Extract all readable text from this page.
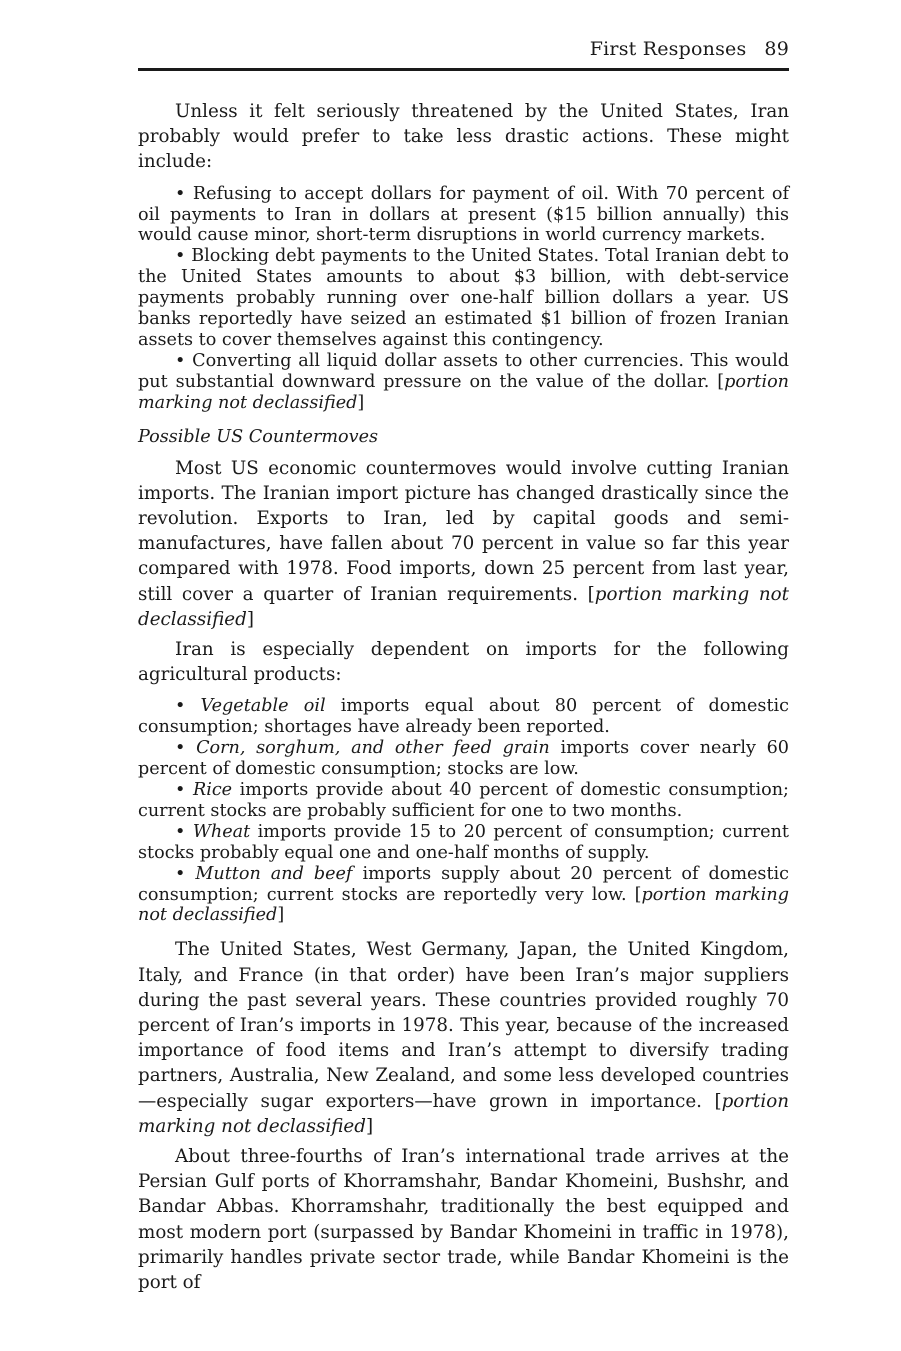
First Responses 89

Unless it felt seriously threatened by the United States, Iran probably would prefer to take less drastic actions. These might include:

• Refusing to accept dollars for payment of oil. With 70 percent of oil payments to Iran in dollars at present ($15 billion annually) this would cause minor, short-term disruptions in world currency markets.

• Blocking debt payments to the United States. Total Iranian debt to the United States amounts to about $3 billion, with debt-service payments probably running over one-half billion dollars a year. US banks reportedly have seized an estimated $1 billion of frozen Iranian assets to cover themselves against this contingency.

• Converting all liquid dollar assets to other currencies. This would put substantial downward pressure on the value of the dollar. [portion marking not declassified]

Possible US Countermoves

Most US economic countermoves would involve cutting Iranian imports. The Iranian import picture has changed drastically since the revolution. Exports to Iran, led by capital goods and semi-manufactures, have fallen about 70 percent in value so far this year compared with 1978. Food imports, down 25 percent from last year, still cover a quarter of Iranian requirements. [portion marking not declassified]

Iran is especially dependent on imports for the following agricultural products:

• Vegetable oil imports equal about 80 percent of domestic consumption; shortages have already been reported.

• Corn, sorghum, and other feed grain imports cover nearly 60 percent of domestic consumption; stocks are low.

• Rice imports provide about 40 percent of domestic consumption; current stocks are probably sufficient for one to two months.

• Wheat imports provide 15 to 20 percent of consumption; current stocks probably equal one and one-half months of supply.

• Mutton and beef imports supply about 20 percent of domestic consumption; current stocks are reportedly very low. [portion marking not declassified]

The United States, West Germany, Japan, the United Kingdom, Italy, and France (in that order) have been Iran’s major suppliers during the past several years. These countries provided roughly 70 percent of Iran’s imports in 1978. This year, because of the increased importance of food items and Iran’s attempt to diversify trading partners, Australia, New Zealand, and some less developed countries—especially sugar exporters—have grown in importance. [portion marking not declassified]

About three-fourths of Iran’s international trade arrives at the Persian Gulf ports of Khorramshahr, Bandar Khomeini, Bushshr, and Bandar Abbas. Khorramshahr, traditionally the best equipped and most modern port (surpassed by Bandar Khomeini in traffic in 1978), primarily handles private sector trade, while Bandar Khomeini is the port of
